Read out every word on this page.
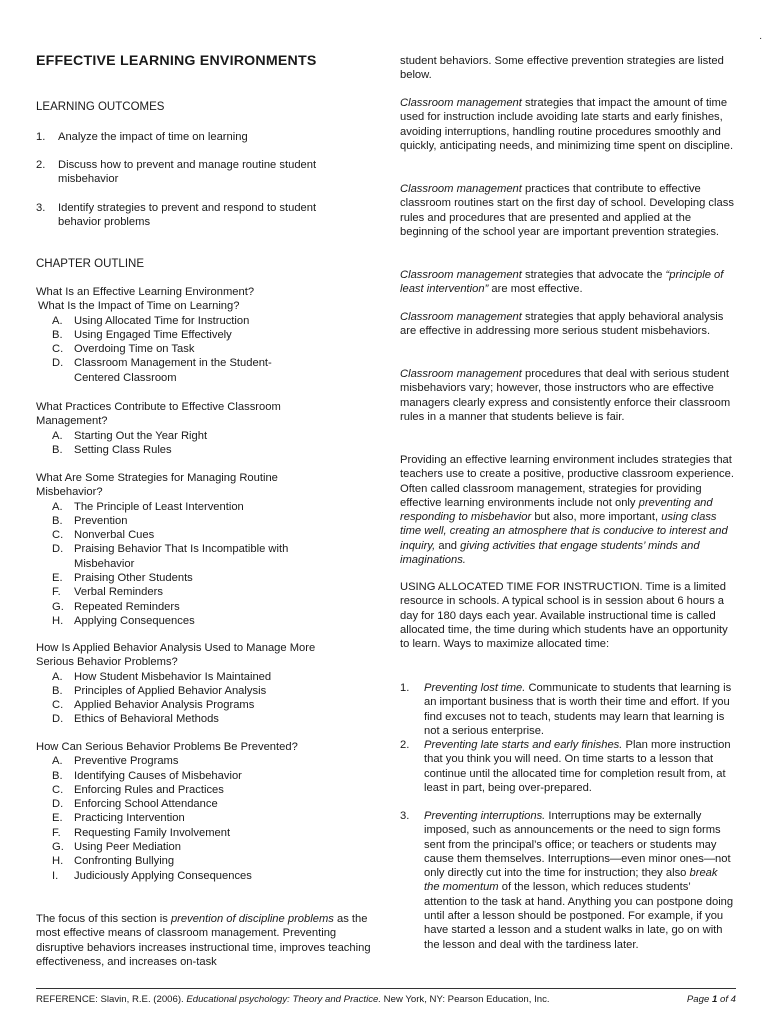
.
EFFECTIVE LEARNING ENVIRONMENTS
LEARNING OUTCOMES
1.	Analyze the impact of time on learning
2.	Discuss how to prevent and manage routine student misbehavior
3.	Identify strategies to prevent and respond to student behavior problems
CHAPTER OUTLINE

What Is an Effective Learning Environment?

What Is the Impact of Time on Learning?

A.	Using Allocated Time for Instruction
B.	Using Engaged Time Effectively
C. Overdoing Time on Task
D. Classroom Management in the Student-Centered Classroom

What Practices Contribute to Effective Classroom Management?

A.	Starting Out the Year Right
B.	Setting Class Rules

What Are Some Strategies for Managing Routine Misbehavior?

A.	The Principle of Least Intervention
B.	Prevention
C. Nonverbal Cues
D. Praising Behavior That Is Incompatible with Misbehavior
E.	Praising Other Students
F.	Verbal Reminders
G. Repeated Reminders
H. Applying Consequences

How Is Applied Behavior Analysis Used to Manage More Serious Behavior Problems?

A.	How Student Misbehavior Is Maintained
B.	Principles of Applied Behavior Analysis
C. Applied Behavior Analysis Programs
D. Ethics of Behavioral Methods

How Can Serious Behavior Problems Be Prevented?

A.	Preventive Programs
B.	Identifying Causes of Misbehavior
C. Enforcing Rules and Practices
D. Enforcing School Attendance
E.	Practicing Intervention
F.	Requesting Family Involvement
G. Using Peer Mediation
H. Confronting Bullying
I.	Judiciously Applying Consequences

The focus of this section is prevention of discipline problems as the most effective means of classroom management. Preventing disruptive behaviors increases instructional time, improves teaching effectiveness, and increases on-task

student behaviors. Some effective prevention strategies are listed below.

Classroom management strategies that impact the amount of time used for instruction include avoiding late starts and early finishes, avoiding interruptions, handling routine procedures smoothly and quickly, anticipating needs, and minimizing time spent on discipline.

Classroom management practices that contribute to effective classroom routines start on the first day of school. Developing class rules and procedures that are presented and applied at the beginning of the school year are important prevention strategies.

Classroom management strategies that advocate the “principle of least intervention” are most effective.

Classroom management strategies that apply behavioral analysis are effective in addressing more serious student misbehaviors.

Classroom management procedures that deal with serious student misbehaviors vary; however, those instructors who are effective managers clearly express and consistently enforce their classroom rules in a manner that students believe is fair.

Providing an effective learning environment includes strategies that teachers use to create a positive, productive classroom experience. Often called classroom management, strategies for providing effective learning environments include not only preventing and responding to misbehavior but also, more important, using class time well, creating an atmosphere that is conducive to interest and inquiry, and giving activities that engage students’ minds and imaginations.

USING ALLOCATED TIME FOR INSTRUCTION. Time is a limited resource in schools. A typical school is in session about 6 hours a day for 180 days each year. Available instructional time is called allocated time, the time during which students have an opportunity to learn. Ways to maximize allocated time:

1. Preventing lost time. Communicate to students that learning is an important business that is worth their time and effort. If you find excuses not to teach, students may learn that learning is not a serious enterprise.
2. Preventing late starts and early finishes. Plan more instruction that you think you will need. On time starts to a lesson that continue until the allocated time for completion result from, at least in part, being over-prepared.
3. Preventing interruptions. Interruptions may be externally imposed, such as announcements or the need to sign forms sent from the principal’s office; or teachers or students may cause them themselves. Interruptions—even minor ones—not only directly cut into the time for instruction; they also break the momentum of the lesson, which reduces students’ attention to the task at hand. Anything you can postpone doing until after a lesson should be postponed. For example, if you have started a lesson and a student walks in late, go on with the lesson and deal with the tardiness later.
REFERENCE: Slavin, R.E. (2006). Educational psychology: Theory and Practice. New York, NY: Pearson Education, Inc.	Page 1 of 4
